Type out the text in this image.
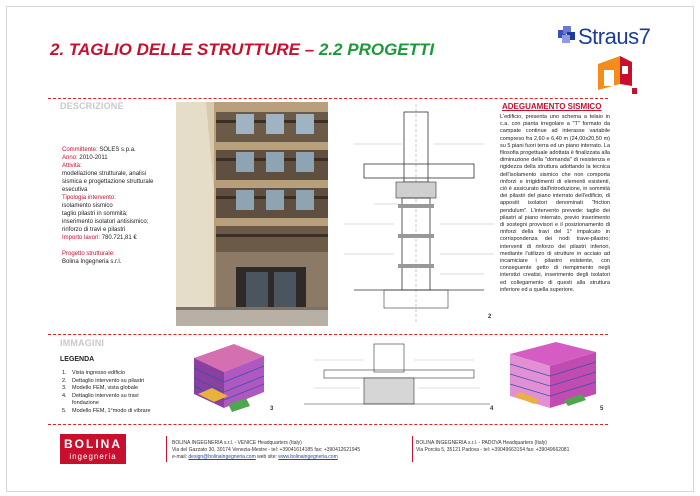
2. TAGLIO DELLE STRUTTURE – 2.2 PROGETTI
Straus7
DESCRIZIONE
Committente: SOLES s.p.a.
Anno: 2010-2011
Attività:
modellazione strutturale, analisi
sismica e progettazione strutturale
esecutiva
Tipologia intervento:
isolamento sismico
taglio pilastri in sommità;
inserimento isolatori antisismico;
rinforzo di travi e pilastri
Importo lavori: 780.721,81 €

Progetto strutturale:
Bolina Ingegneria s.r.l.
2
ADEGUAMENTO SISMICO
L'edificio, presenta uno schema a telaio in c.a. con pianta irregolare a "T" formato da campate continue ad interasse variabile compreso fra 2,60 e 6,40 m (24,00x20,50 m) su 5 piani fuori terra ed un piano interrato. La filosofia progettuale adottata è finalizzata alla diminuzione della "domanda" di resistenza e rigidezza della struttura adottando la tecnica dell'isolamento sismico che non comporta rinforzi e irrigidimenti di elementi esistenti, ciò è assicurato dall'introduzione, in sommità dei pilastri del piano interrato dell'edificio, di appositi isolatori denominati "friction pendulum". L'intervento prevede: taglio dei pilastri al piano interrato, previo inserimento di sostegni provvisori e il posizionamento di rinforzi della travi del 1° impalcato in corrispondenza dei nodi trave-pilastro; interventi di rinforzo dei pilastri inferiori, mediante l'utilizzo di strutture in acciaio ad incamiciare i pilastro esistente, con conseguente getto di riempimento negli interstizi creatisi, inserimento degli isolatori ed collegamento di questi alla struttura inferiore ed a quella superiore.
IMMAGINI
LEGENDA
1. Vista ingresso edificio
2. Dettaglio intervento su pilastri
3. Modello FEM, vista globale
4. Dettaglio intervento su travi
fondazione
5. Modello FEM, 1°modo di vibrare	3	4	5
BOLINA
ingegneria
BOLINA INGEGNERIA s.r.l. - VENICE Headquarters (Italy)
Via del Gazzato 30, 30174 Venezia-Mestre - tel: +39041614185 fax: +390412621945
e-mail: design@bolinaingegneria.com web site: www.bolinaingegneria.com
BOLINA INGEGNERIA s.r.l. - PADOVA Headquarters (Italy)
Via Porciia 5, 35121 Padova - tel: +39049663154 fax: +39049662081
